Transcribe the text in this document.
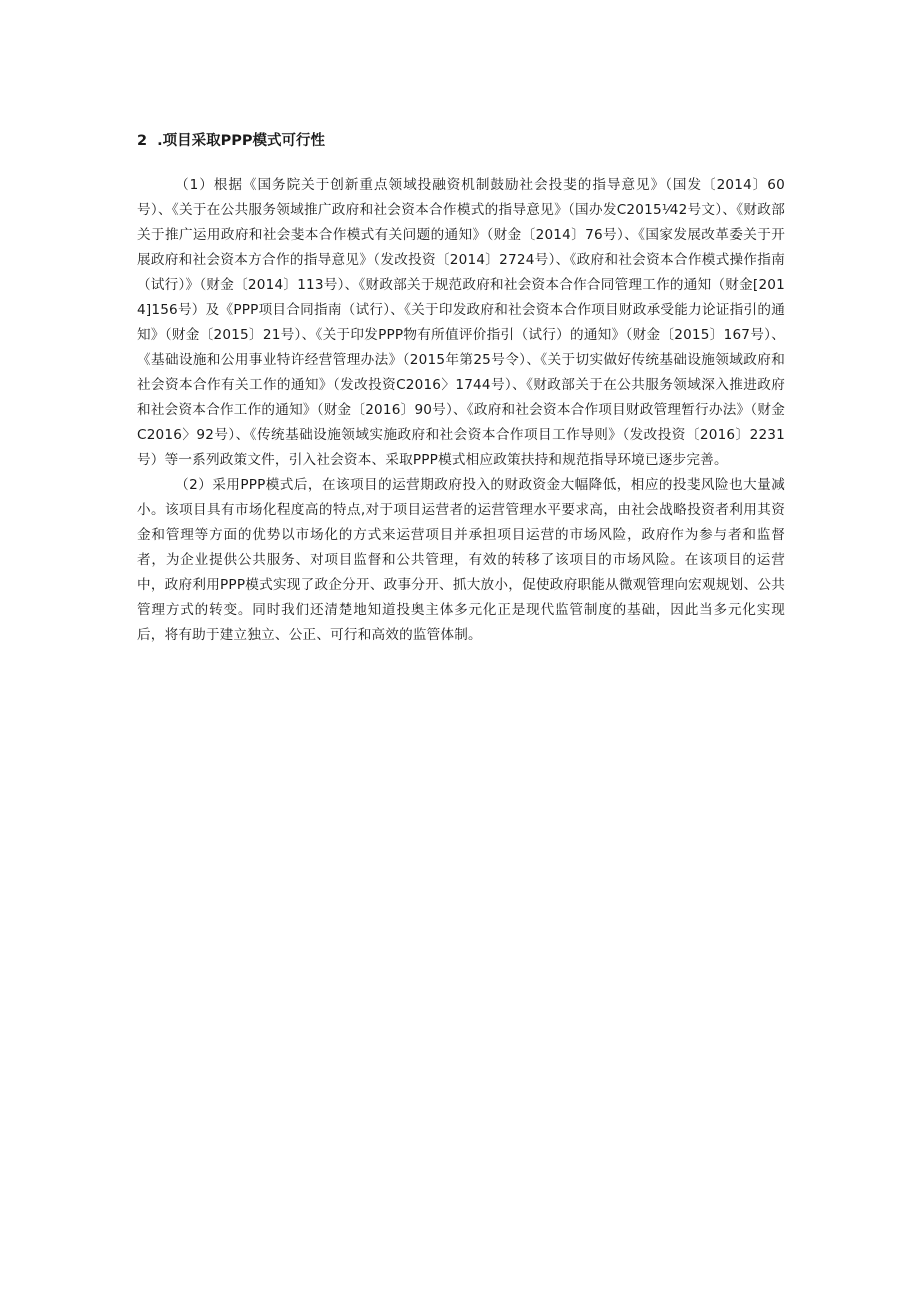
2 .项目采取PPP模式可行性

（1）根据《国务院关于创新重点领域投融资机制鼓励社会投斐的指导意见》（国发〔2014〕60号）、《关于在公共服务领域推广政府和社会资本合作模式的指导意见》（国办发C2015⅟42号文）、《财政部关于推广运用政府和社会斐本合作模式有关问题的通知》（财金〔2014〕76号）、《国家发展改革委关于开展政府和社会资本方合作的指导意见》（发改投资〔2014〕2724号）、《政府和社会资本合作模式操作指南（试行）》（财金〔2014〕113号）、《财政部关于规范政府和社会资本合作合同管理工作的通知（财金[2014]156号）及《PPP项目合同指南（试行）、《关于印发政府和社会资本合作项目财政承受能力论证指引的通知》（财金〔2015〕21号）、《关于印发PPP物有所值评价指引（试行）的通知》（财金〔2015〕167号）、《基础设施和公用事业特许经营管理办法》（2015年第25号令）、《关于切实做好传统基础设施领域政府和社会资本合作有关工作的通知》（发改投资C2016〉1744号）、《财政部关于在公共服务领域深入推进政府和社会资本合作工作的通知》（财金〔2016〕90号）、《政府和社会资本合作项目财政管理暂行办法》（财金C2016〉92号）、《传统基础设施领域实施政府和社会资本合作项目工作导则》（发改投资〔2016〕2231号）等一系列政策文件，引入社会资本、采取PPP模式相应政策扶持和规范指导环境已逐步完善。

（2）采用PPP模式后，在该项目的运营期政府投入的财政资金大幅降低，相应的投斐风险也大量减小。该项目具有市场化程度高的特点,对于项目运营者的运营管理水平要求高，由社会战略投资者利用其资金和管理等方面的优势以市场化的方式来运营项目并承担项目运营的市场风险，政府作为参与者和监督者，为企业提供公共服务、对项目监督和公共管理，有效的转移了该项目的市场风险。在该项目的运营中，政府利用PPP模式实现了政企分开、政事分开、抓大放小，促使政府职能从微观管理向宏观规划、公共管理方式的转变。同时我们还清楚地知道投奥主体多元化正是现代监管制度的基础，因此当多元化实现后，将有助于建立独立、公正、可行和高效的监管体制。
